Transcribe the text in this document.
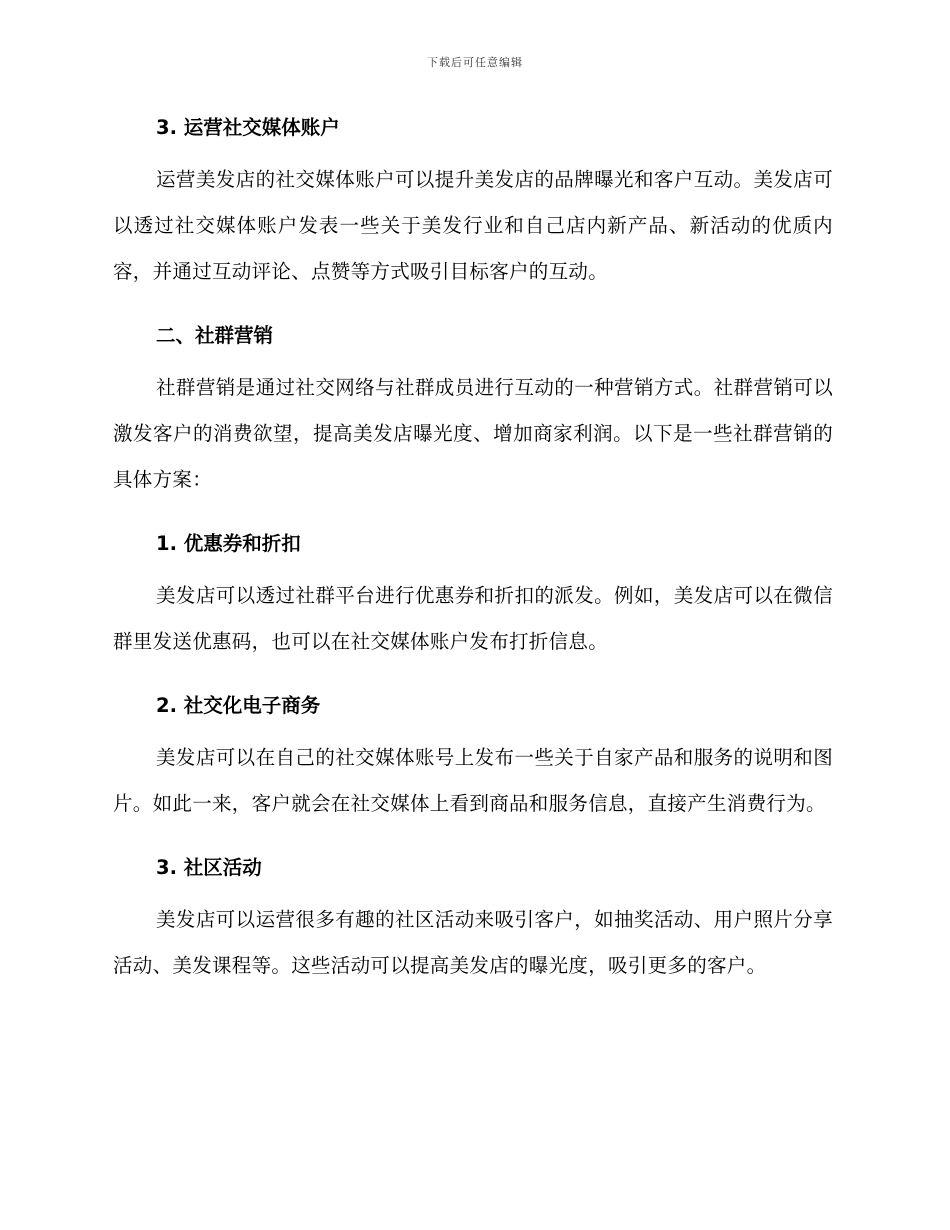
下载后可任意编辑
3. 运营社交媒体账户

运营美发店的社交媒体账户可以提升美发店的品牌曝光和客户互动。美发店可以透过社交媒体账户发表一些关于美发行业和自己店内新产品、新活动的优质内容，并通过互动评论、点赞等方式吸引目标客户的互动。

二、社群营销

社群营销是通过社交网络与社群成员进行互动的一种营销方式。社群营销可以激发客户的消费欲望，提高美发店曝光度、增加商家利润。以下是一些社群营销的具体方案：

1. 优惠券和折扣

美发店可以透过社群平台进行优惠券和折扣的派发。例如，美发店可以在微信群里发送优惠码，也可以在社交媒体账户发布打折信息。

2. 社交化电子商务

美发店可以在自己的社交媒体账号上发布一些关于自家产品和服务的说明和图片。如此一来，客户就会在社交媒体上看到商品和服务信息，直接产生消费行为。

3. 社区活动

美发店可以运营很多有趣的社区活动来吸引客户，如抽奖活动、用户照片分享活动、美发课程等。这些活动可以提高美发店的曝光度，吸引更多的客户。
